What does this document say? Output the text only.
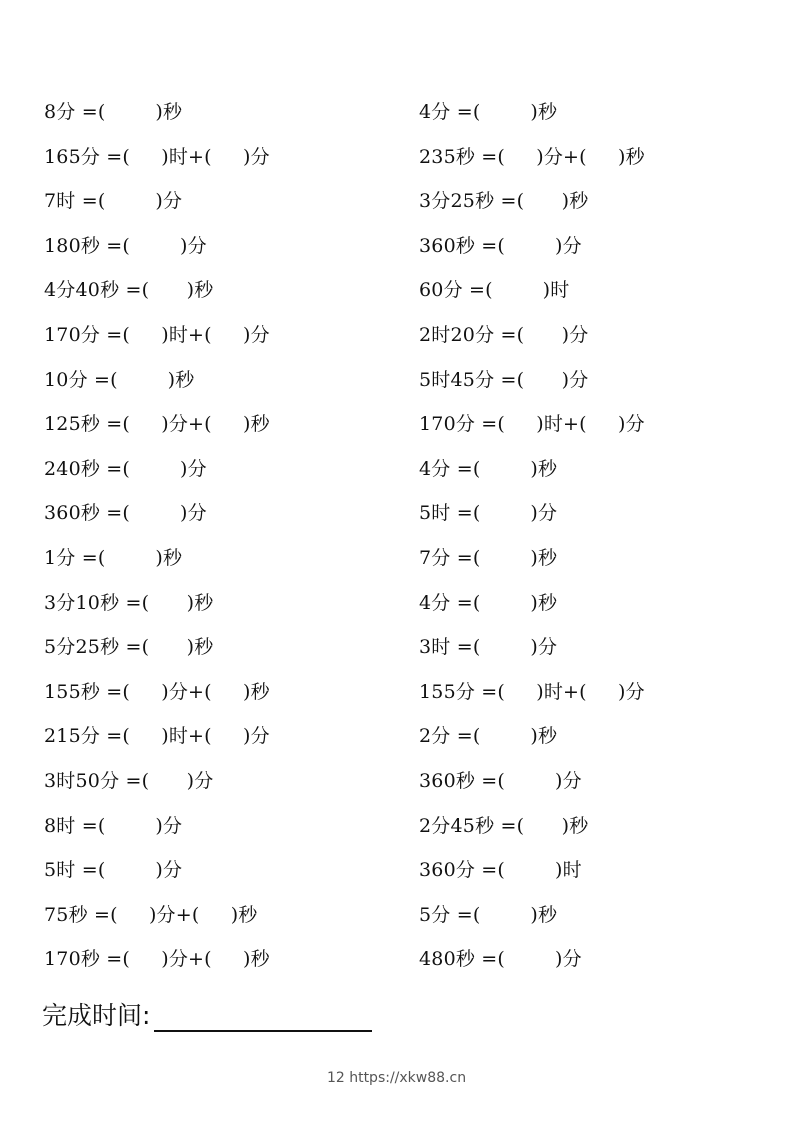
8分 =(        )秒
165分 =(     )时+(     )分
7时 =(        )分
180秒 =(        )分
4分40秒 =(      )秒
170分 =(     )时+(     )分
10分 =(        )秒
125秒 =(     )分+(     )秒
240秒 =(        )分
360秒 =(        )分
1分 =(        )秒
3分10秒 =(      )秒
5分25秒 =(      )秒
155秒 =(     )分+(     )秒
215分 =(     )时+(     )分
3时50分 =(      )分
8时 =(        )分
5时 =(        )分
75秒 =(     )分+(     )秒
170秒 =(     )分+(     )秒
4分 =(        )秒
235秒 =(     )分+(     )秒
3分25秒 =(      )秒
360秒 =(        )分
60分 =(        )时
2时20分 =(      )分
5时45分 =(      )分
170分 =(     )时+(     )分
4分 =(        )秒
5时 =(        )分
7分 =(        )秒
4分 =(        )秒
3时 =(        )分
155分 =(     )时+(     )分
2分 =(        )秒
360秒 =(        )分
2分45秒 =(      )秒
360分 =(        )时
5分 =(        )秒
480秒 =(        )分
完成时间:
12 https://xkw88.cn
